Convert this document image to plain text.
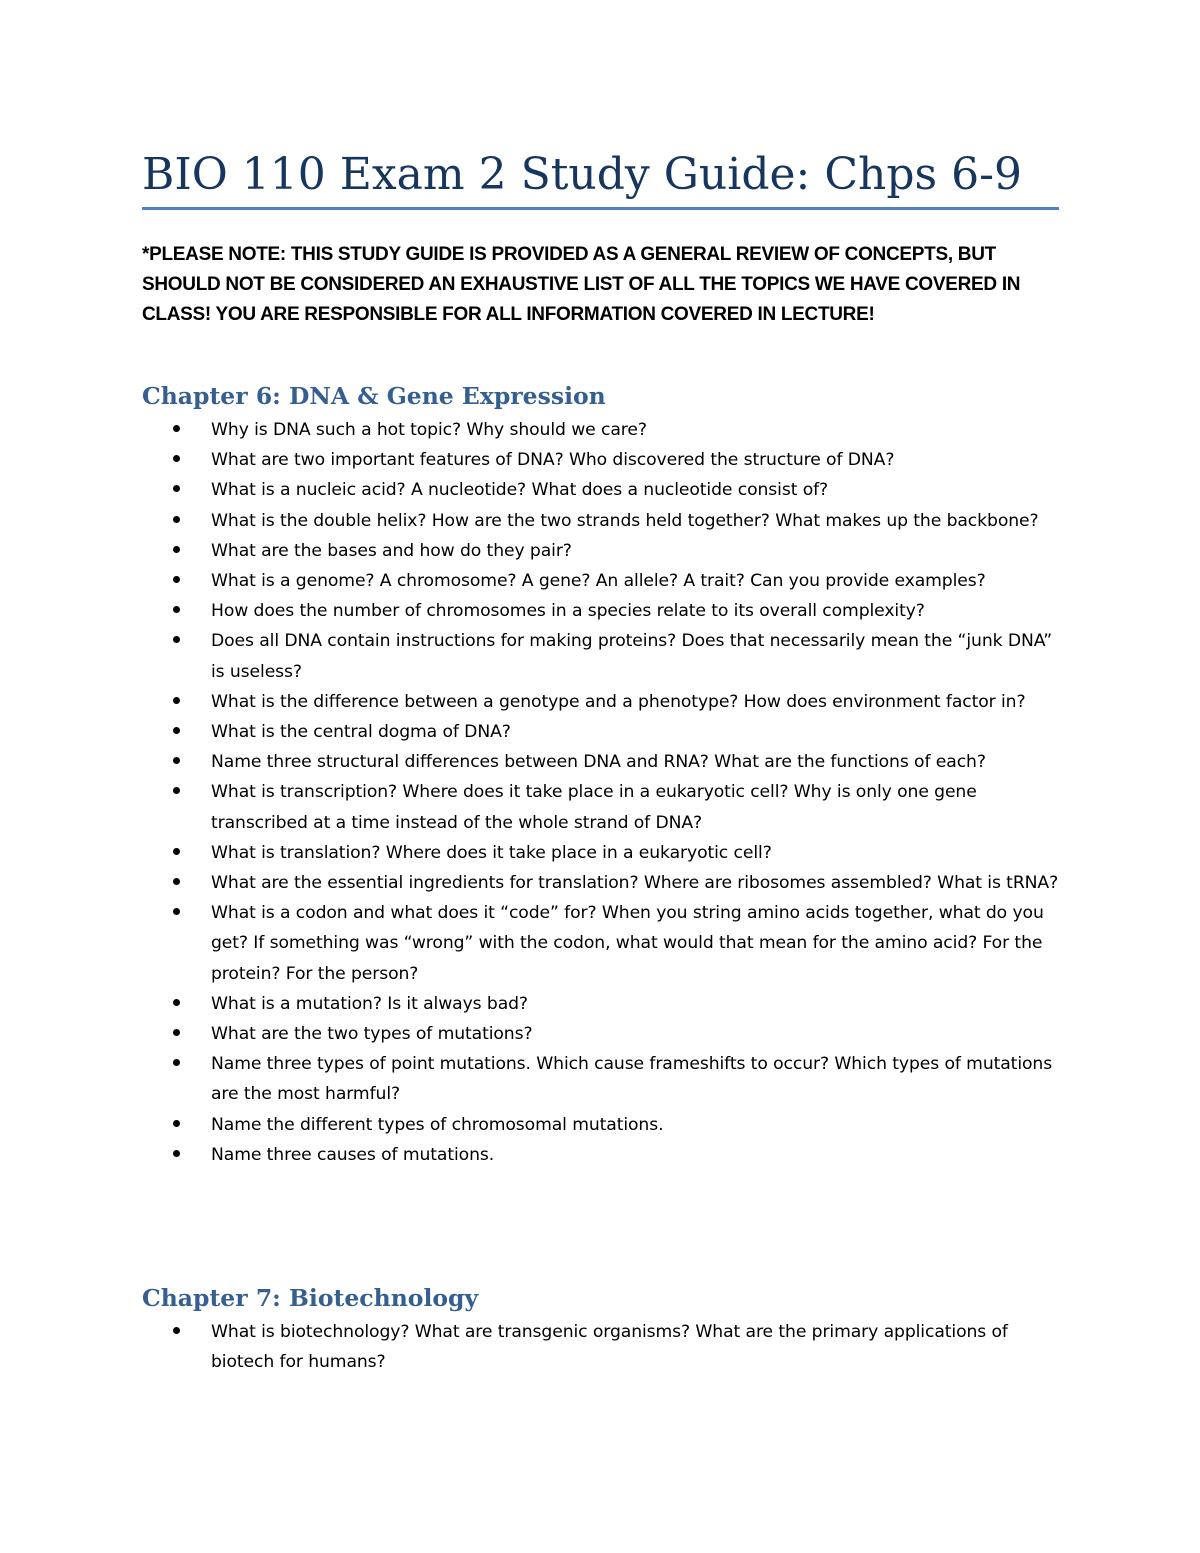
BIO 110 Exam 2 Study Guide: Chps 6-9

*PLEASE NOTE: THIS STUDY GUIDE IS PROVIDED AS A GENERAL REVIEW OF CONCEPTS, BUT SHOULD NOT BE CONSIDERED AN EXHAUSTIVE LIST OF ALL THE TOPICS WE HAVE COVERED IN CLASS! YOU ARE RESPONSIBLE FOR ALL INFORMATION COVERED IN LECTURE!

Chapter 6: DNA & Gene Expression
Why is DNA such a hot topic? Why should we care?
What are two important features of DNA? Who discovered the structure of DNA?
What is a nucleic acid? A nucleotide? What does a nucleotide consist of?
What is the double helix? How are the two strands held together? What makes up the backbone?
What are the bases and how do they pair?
What is a genome? A chromosome? A gene? An allele? A trait? Can you provide examples?
How does the number of chromosomes in a species relate to its overall complexity?
Does all DNA contain instructions for making proteins? Does that necessarily mean the “junk DNA” is useless?
What is the difference between a genotype and a phenotype? How does environment factor in?
What is the central dogma of DNA?
Name three structural differences between DNA and RNA? What are the functions of each?
What is transcription? Where does it take place in a eukaryotic cell? Why is only one gene transcribed at a time instead of the whole strand of DNA?
What is translation? Where does it take place in a eukaryotic cell?
What are the essential ingredients for translation? Where are ribosomes assembled? What is tRNA?
What is a codon and what does it “code” for? When you string amino acids together, what do you get? If something was “wrong” with the codon, what would that mean for the amino acid? For the protein? For the person?
What is a mutation? Is it always bad?
What are the two types of mutations?
Name three types of point mutations. Which cause frameshifts to occur? Which types of mutations are the most harmful?
Name the different types of chromosomal mutations.
Name three causes of mutations.
Chapter 7: Biotechnology
What is biotechnology? What are transgenic organisms? What are the primary applications of biotech for humans?
